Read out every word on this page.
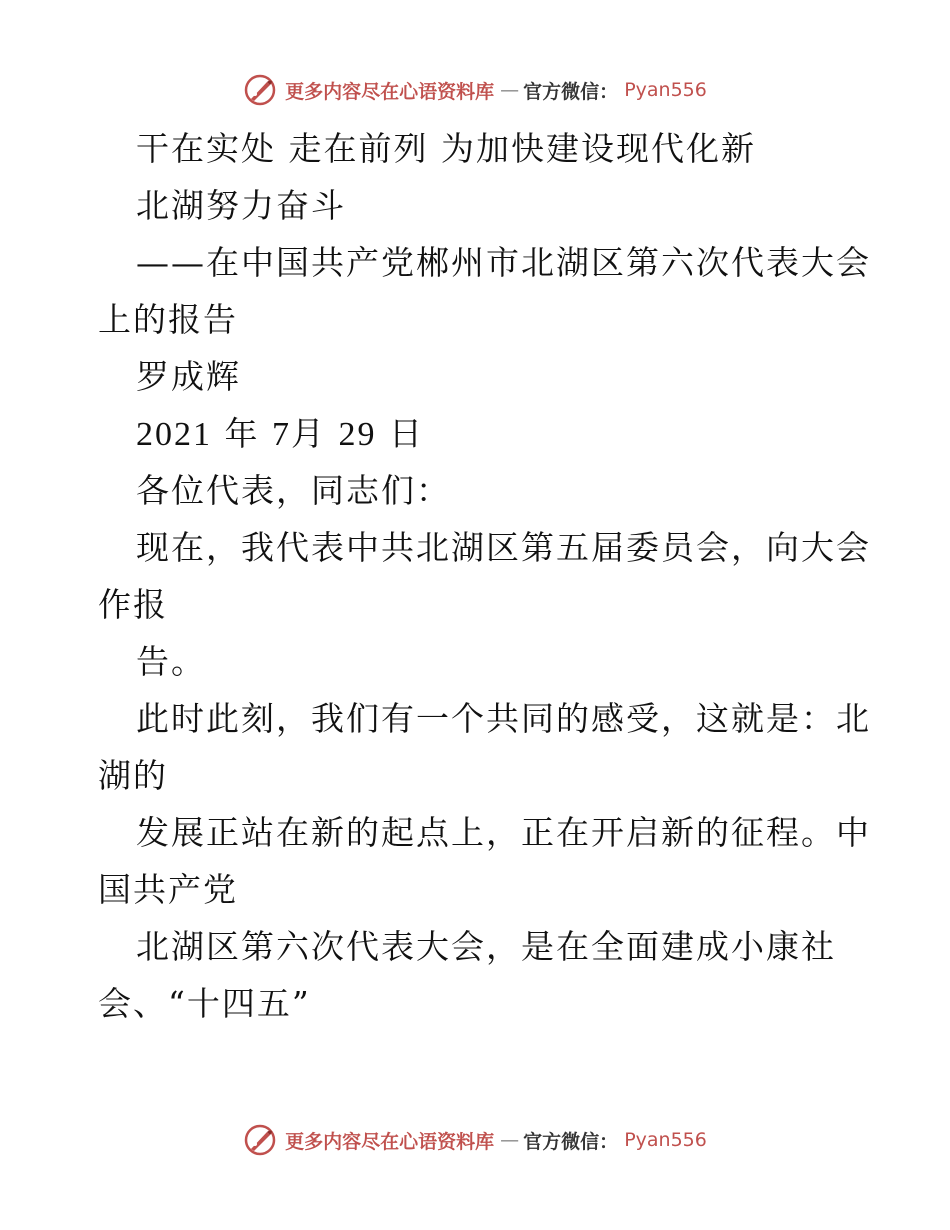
更多内容尽在心语资料库 — 官方微信： Pyan556
干在实处 走在前列 为加快建设现代化新
北湖努力奋斗
——在中国共产党郴州市北湖区第六次代表大会
上的报告
罗成辉
2021 年 7月 29 日
各位代表，同志们：
现在，我代表中共北湖区第五届委员会，向大会
作报
告。
此时此刻，我们有一个共同的感受，这就是：北
湖的
发展正站在新的起点上，正在开启新的征程。中
国共产党
北湖区第六次代表大会，是在全面建成小康社
会、“十四五”
更多内容尽在心语资料库 — 官方微信： Pyan556
